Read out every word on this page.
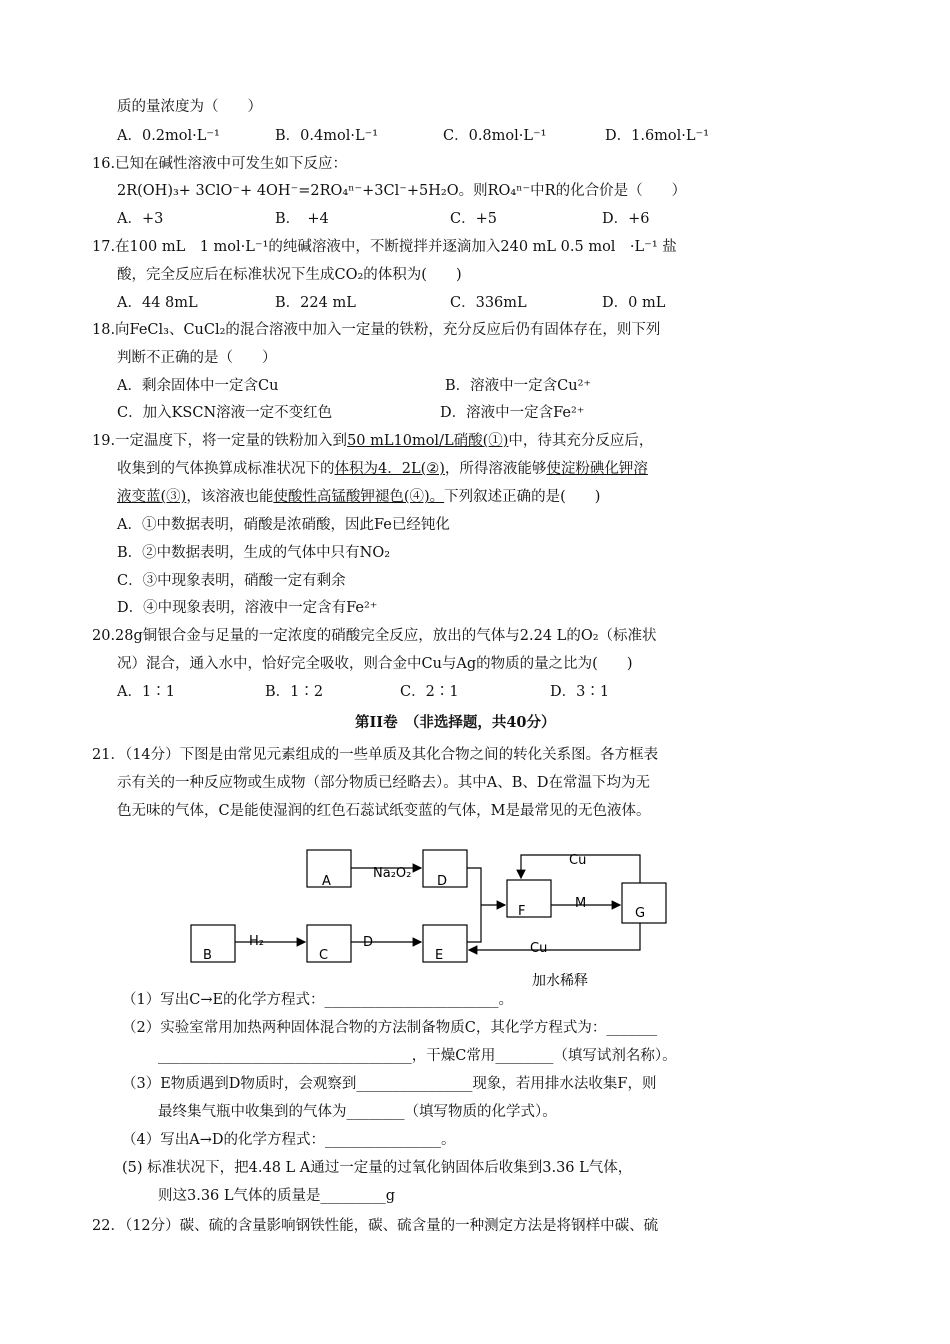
质的量浓度为（　　）
A．0.2mol·L⁻¹	B．0.4mol·L⁻¹	C．0.8mol·L⁻¹	D．1.6mol·L⁻¹
16.已知在碱性溶液中可发生如下反应：
2R(OH)₃+ 3ClO⁻+ 4OH⁻=2RO₄ⁿ⁻+3Cl⁻+5H₂O。则RO₄ⁿ⁻中R的化合价是（　　）
A．+3	B．　+4	C．+5	D．+6
17.在100 mL　1 mol·L⁻¹的纯碱溶液中，不断搅拌并逐滴加入240 mL 0.5 mol　·L⁻¹ 盐
酸，完全反应后在标准状况下生成CO₂的体积为(　　)
A．44 8mL	B．224 mL	C．336mL	D．0 mL
18.向FeCl₃、CuCl₂的混合溶液中加入一定量的铁粉，充分反应后仍有固体存在，则下列
判断不正确的是（　　）
A．剩余固体中一定含Cu	B．溶液中一定含Cu²⁺
C．加入KSCN溶液一定不变红色	D．溶液中一定含Fe²⁺
19.一定温度下，将一定量的铁粉加入到50 mL10mol/L硝酸(①)中，待其充分反应后，
收集到的气体换算成标准状况下的体积为4．2L(②)，所得溶液能够使淀粉碘化钾溶
液变蓝(③)，该溶液也能使酸性高锰酸钾褪色(④)。下列叙述正确的是(　　)
A．①中数据表明，硝酸是浓硝酸，因此Fe已经钝化
B．②中数据表明，生成的气体中只有NO₂
C．③中现象表明，硝酸一定有剩余
D．④中现象表明，溶液中一定含有Fe²⁺
20.28g铜银合金与足量的一定浓度的硝酸完全反应，放出的气体与2.24 L的O₂（标准状
况）混合，通入水中，恰好完全吸收，则合金中Cu与Ag的物质的量之比为(　　)
A．1∶1	B．1∶2	C．2∶1	D．3∶1
第II卷　（非选择题，共40分）
21．（14分）下图是由常见元素组成的一些单质及其化合物之间的转化关系图。各方框表
示有关的一种反应物或生成物（部分物质已经略去）。其中A、B、D在常温下均为无
色无味的气体，C是能使湿润的红色石蕊试纸变蓝的气体，M是最常见的无色液体。
A	D
F	G
B	C	E
Na₂O₂
Cu
M
H₂	D	Cu
加水稀释
（1）写出C→E的化学方程式：________________________。
（2）实验室常用加热两种固体混合物的方法制备物质C，其化学方程式为：_______
___________________________________，干燥C常用________（填写试剂名称）。
（3）E物质遇到D物质时，会观察到________________现象，若用排水法收集F，则
最终集气瓶中收集到的气体为________（填写物质的化学式）。
（4）写出A→D的化学方程式：________________。
(5) 标准状况下，把4.48 L A通过一定量的过氧化钠固体后收集到3.36 L气体，
则这3.36 L气体的质量是_________g
22．（12分）碳、硫的含量影响钢铁性能，碳、硫含量的一种测定方法是将钢样中碳、硫
